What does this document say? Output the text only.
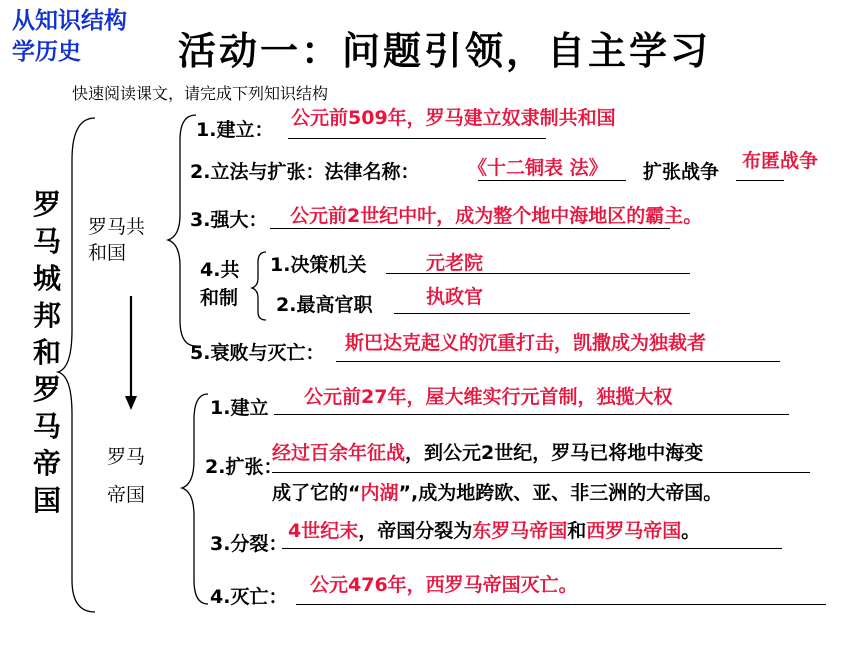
从知识结构
学历史	活动一：问题引领，自主学习
快速阅读课文，请完成下列知识结构
罗马城邦和罗马帝国
罗马共
和国
罗马
帝国
1.建立：
公元前509年，罗马建立奴隶制共和国
2.立法与扩张：法律名称：	《十二铜表 法》 扩张战争 布匿战争
3.强大： 公元前2世纪中叶，成为整个地中海地区的霸主。
4.共
和制
1.决策机关	元老院
2.最高官职	执政官
5.衰败与灭亡： 斯巴达克起义的沉重打击，凯撒成为独裁者
1.建立 公元前27年，屋大维实行元首制，独揽大权
2.扩张：
经过百余年征战，到公元2世纪，罗马已将地中海变
成了它的“内湖”,成为地跨欧、亚、非三洲的大帝国。
3.分裂：
4世纪末，帝国分裂为东罗马帝国和西罗马帝国。
4.灭亡：
公元476年，西罗马帝国灭亡。
